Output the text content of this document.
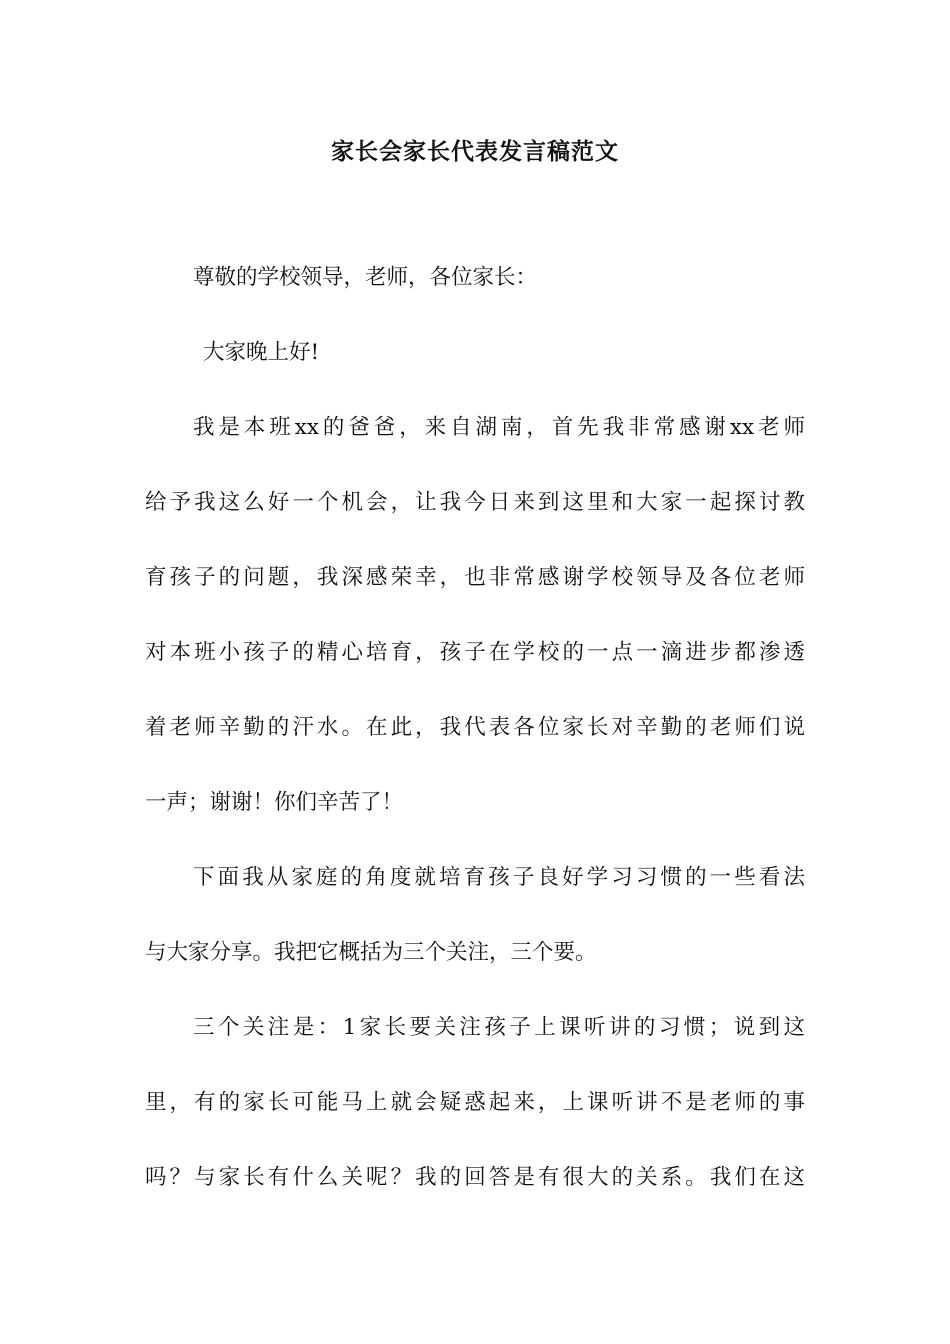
家长会家长代表发言稿范文
尊敬的学校领导，老师，各位家长：
大家晚上好!
我是本班xx的爸爸，来自湖南，首先我非常感谢xx老师
给予我这么好一个机会，让我今日来到这里和大家一起探讨教
育孩子的问题，我深感荣幸，也非常感谢学校领导及各位老师
对本班小孩子的精心培育，孩子在学校的一点一滴进步都渗透
着老师辛勤的汗水。在此，我代表各位家长对辛勤的老师们说
一声；谢谢！你们辛苦了！
下面我从家庭的角度就培育孩子良好学习习惯的一些看法
与大家分享。我把它概括为三个关注，三个要。
三个关注是：1家长要关注孩子上课听讲的习惯；说到这
里，有的家长可能马上就会疑惑起来，上课听讲不是老师的事
吗？与家长有什么关呢？我的回答是有很大的关系。我们在这
